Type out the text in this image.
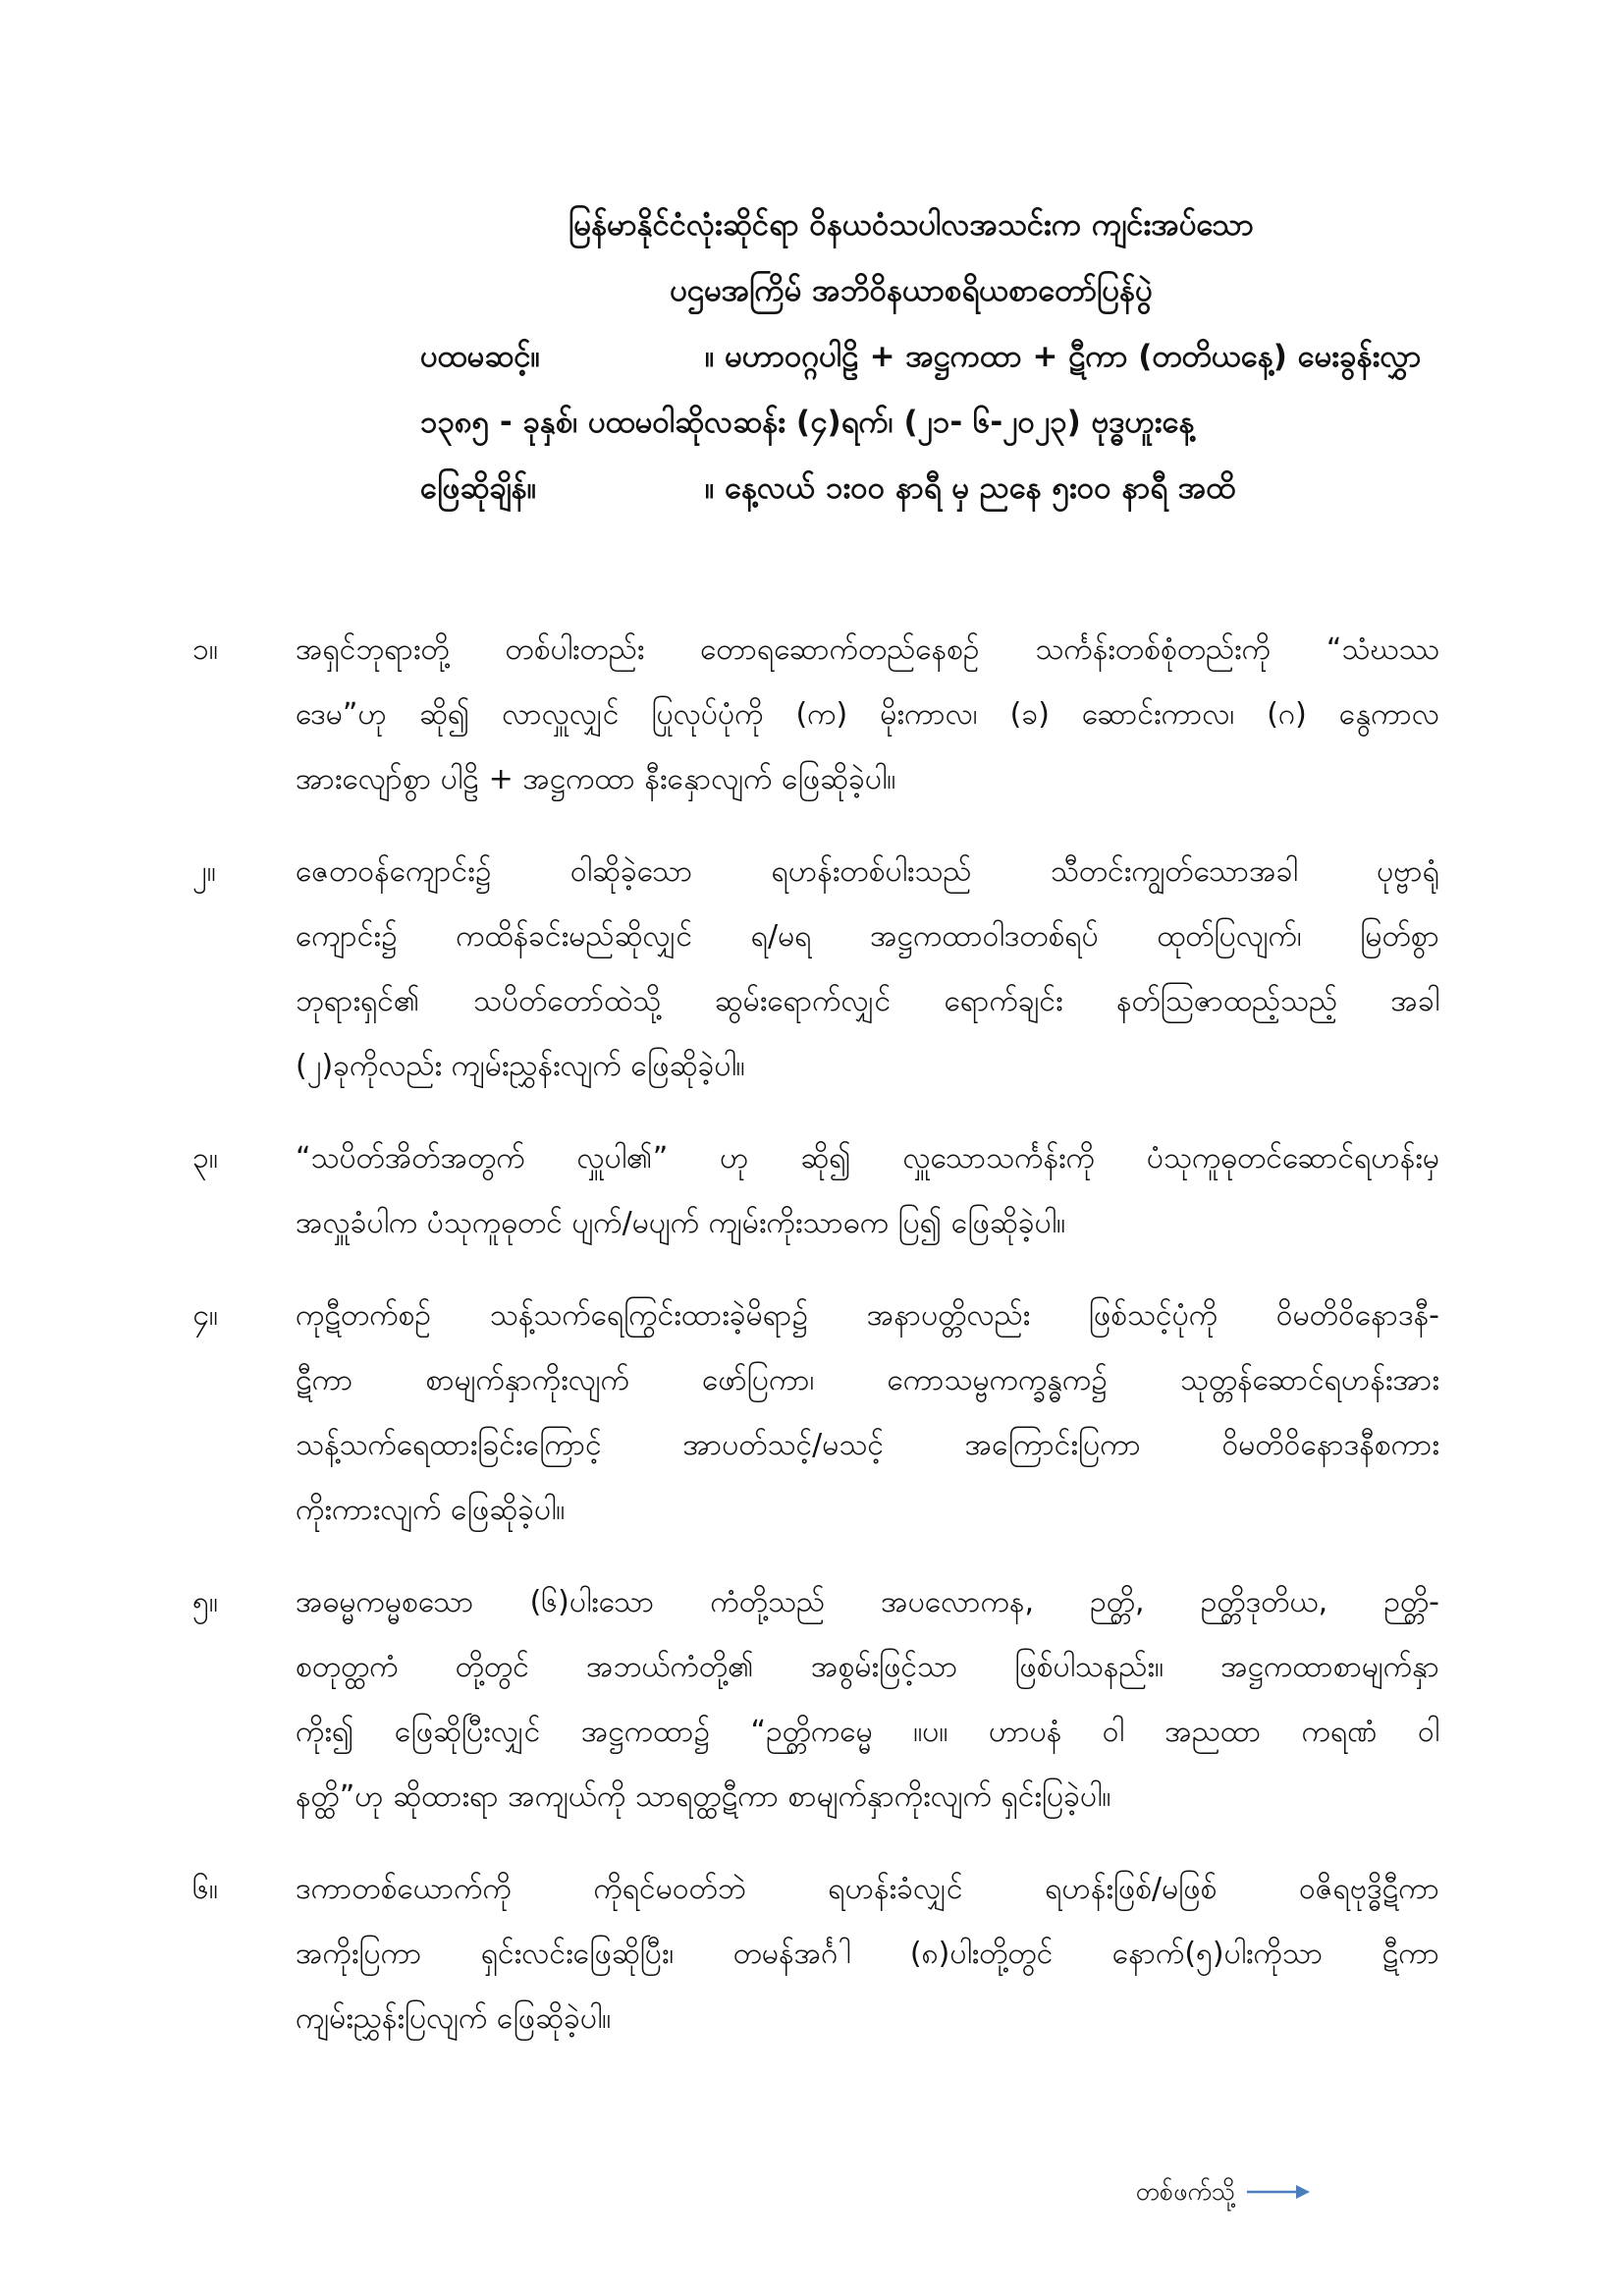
မြန်မာနိုင်ငံလုံးဆိုင်ရာ ဝိနယဝံသပါလအသင်းက ကျင်းအပ်သော
ပဌမအကြိမ် အဘိဝိနယာစရိယစာတော်ပြန်ပွဲ
ပထမဆင့်။	။ မဟာဝဂ္ဂပါဠိ + အဋ္ဌကထာ + ဋီကာ (တတိယနေ့) မေးခွန်းလွှာ
၁၃၈၅ - ခုနှစ်၊ ပထမဝါဆိုလဆန်း (၄)ရက်၊ (၂၁- ၆-၂၀၂၃) ဗုဒ္ဓဟူးနေ့
ဖြေဆိုချိန်။	။ နေ့လယ် ၁း၀၀ နာရီ မှ ညနေ ၅း၀၀ နာရီ အထိ
၁။	အရှင်ဘုရားတို့ တစ်ပါးတည်း တောရဆောက်တည်နေစဉ် သင်္ကန်းတစ်စုံတည်းကို “သံဃဿ
ဒေမ”ဟု ဆို၍ လာလှူလျှင် ပြုလုပ်ပုံကို (က) မိုးကာလ၊ (ခ) ဆောင်းကာလ၊ (ဂ) နွေကာလ
အားလျော်စွာ ပါဠိ + အဋ္ဌကထာ နီးနှောလျက် ဖြေဆိုခဲ့ပါ။
၂။	ဇေတဝန်ကျောင်း၌ ဝါဆိုခဲ့သော ရဟန်းတစ်ပါးသည် သီတင်းကျွတ်သောအခါ ပုဗ္ဗာရုံ
ကျောင်း၌ ကထိန်ခင်းမည်ဆိုလျှင် ရ/မရ အဋ္ဌကထာဝါဒတစ်ရပ် ထုတ်ပြလျက်၊ မြတ်စွာ
ဘုရားရှင်၏ သပိတ်တော်ထဲသို့ ဆွမ်းရောက်လျှင် ရောက်ချင်း နတ်ဩဇာထည့်သည့် အခါ
(၂)ခုကိုလည်း ကျမ်းညွှန်းလျက် ဖြေဆိုခဲ့ပါ။
၃။	“သပိတ်အိတ်အတွက် လှူပါ၏” ဟု ဆို၍ လှူသောသင်္ကန်းကို ပံသုကူဓုတင်ဆောင်ရဟန်းမှ
အလှူခံပါက ပံသုကူဓုတင် ပျက်/မပျက် ကျမ်းကိုးသာဓက ပြ၍ ဖြေဆိုခဲ့ပါ။
၄။	ကုဋီတက်စဉ် သန့်သက်ရေကြွင်းထားခဲ့မိရာ၌ အနာပတ္တိလည်း ဖြစ်သင့်ပုံကို ဝိမတိဝိနောဒနီ-
ဋီကာ စာမျက်နှာကိုးလျက် ဖော်ပြကာ၊ ကောသမ္ဗကက္ခန္ဓက၌ သုတ္တန်ဆောင်ရဟန်းအား
သန့်သက်ရေထားခြင်းကြောင့် အာပတ်သင့်/မသင့် အကြောင်းပြကာ ဝိမတိဝိနောဒနီစကား
ကိုးကားလျက် ဖြေဆိုခဲ့ပါ။
၅။	အဓမ္မကမ္မစသော (၆)ပါးသော ကံတို့သည် အပလောကန, ဉတ္တိ, ဉတ္တိဒုတိယ, ဉတ္တိ-
စတုတ္ထကံ တို့တွင် အဘယ်ကံတို့၏ အစွမ်းဖြင့်သာ ဖြစ်ပါသနည်း။ အဋ္ဌကထာစာမျက်နှာ
ကိုး၍ ဖြေဆိုပြီးလျှင် အဋ္ဌကထာ၌ “ဉတ္တိကမ္မေ ။ပ။ ဟာပနံ ဝါ အညထာ ကရဏံ ဝါ
နတ္ထိ”ဟု ဆိုထားရာ အကျယ်ကို သာရတ္ထဋီကာ စာမျက်နှာကိုးလျက် ရှင်းပြခဲ့ပါ။
၆။	ဒကာတစ်ယောက်ကို ကိုရင်မဝတ်ဘဲ ရဟန်းခံလျှင် ရဟန်းဖြစ်/မဖြစ် ဝဇိရဗုဒ္ဓိဋီကာ
အကိုးပြကာ ရှင်းလင်းဖြေဆိုပြီး၊ တမန်အင်္ဂါ (၈)ပါးတို့တွင် နောက်(၅)ပါးကိုသာ ဋီကာ
ကျမ်းညွှန်းပြလျက် ဖြေဆိုခဲ့ပါ။
တစ်ဖက်သို့
